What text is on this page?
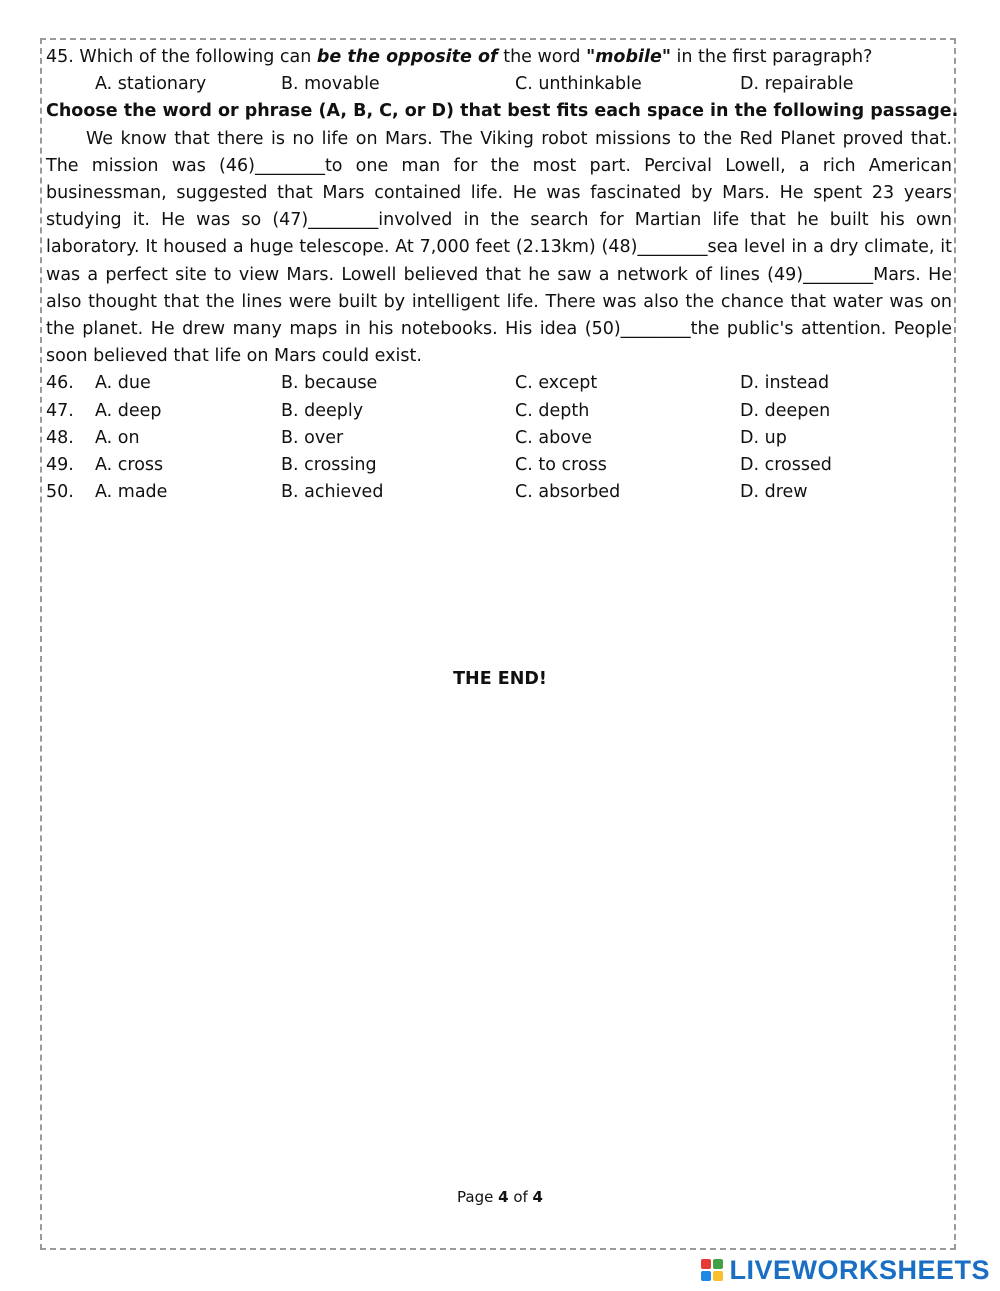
45. Which of the following can be the opposite of the word "mobile" in the first paragraph?
A. stationary	B. movable	C. unthinkable	D. repairable
Choose the word or phrase (A, B, C, or D) that best fits each space in the following passage.

We know that there is no life on Mars. The Viking robot missions to the Red Planet proved that. The mission was (46)________to one man for the most part. Percival Lowell, a rich American businessman, suggested that Mars contained life. He was fascinated by Mars. He spent 23 years studying it. He was so (47)________involved in the search for Martian life that he built his own laboratory. It housed a huge telescope. At 7,000 feet (2.13km) (48)________sea level in a dry climate, it was a perfect site to view Mars. Lowell believed that he saw a network of lines (49)________Mars. He also thought that the lines were built by intelligent life. There was also the chance that water was on the planet. He drew many maps in his notebooks. His idea (50)________the public's attention. People soon believed that life on Mars could exist.

46. A. due	B. because	C. except	D. instead
47. A. deep	B. deeply	C. depth	D. deepen
48. A. on	B. over	C. above	D. up
49. A. cross	B. crossing	C. to cross	D. crossed
50. A. made	B. achieved	C. absorbed	D. drew
THE END!
Page 4 of 4
LIVEWORKSHEETS
